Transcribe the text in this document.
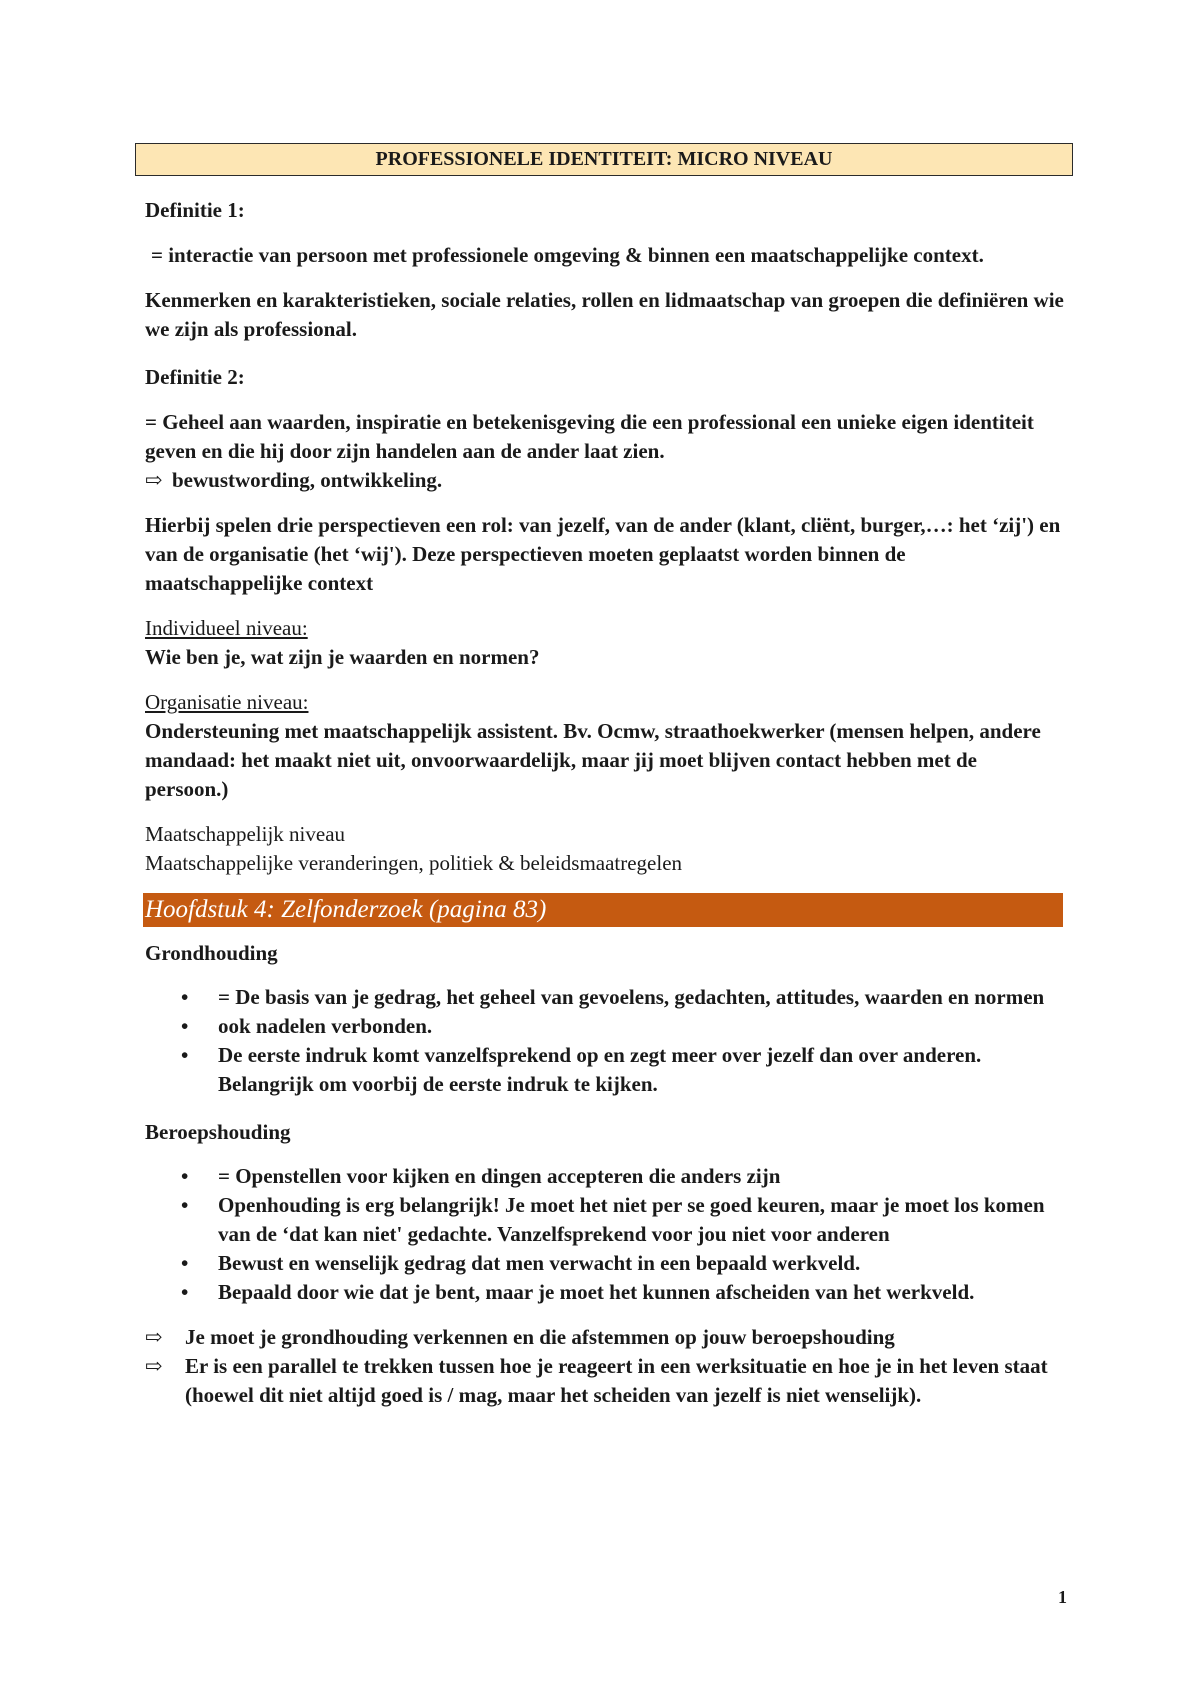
PROFESSIONELE IDENTITEIT: MICRO NIVEAU

Definitie 1:

= interactie van persoon met professionele omgeving & binnen een maatschappelijke context.

Kenmerken en karakteristieken, sociale relaties, rollen en lidmaatschap van groepen die definiëren wie we zijn als professional.

Definitie 2:

= Geheel aan waarden, inspiratie en betekenisgeving die een professional een unieke eigen identiteit geven en die hij door zijn handelen aan de ander laat zien.

⇨ bewustwording, ontwikkeling.

Hierbij spelen drie perspectieven een rol: van jezelf, van de ander (klant, cliënt, burger,…: het ‘zij') en van de organisatie (het ‘wij'). Deze perspectieven moeten geplaatst worden binnen de maatschappelijke context

Individueel niveau:
Wie ben je, wat zijn je waarden en normen?
Organisatie niveau:
Ondersteuning met maatschappelijk assistent. Bv. Ocmw, straathoekwerker (mensen helpen, andere mandaad: het maakt niet uit, onvoorwaardelijk, maar jij moet blijven contact hebben met de persoon.)
Maatschappelijk niveau
Maatschappelijke veranderingen, politiek & beleidsmaatregelen
Hoofdstuk 4: Zelfonderzoek (pagina 83)

Grondhouding

•	= De basis van je gedrag, het geheel van gevoelens, gedachten, attitudes, waarden en normen
•	ook nadelen verbonden.
•	De eerste indruk komt vanzelfsprekend op en zegt meer over jezelf dan over anderen. Belangrijk om voorbij de eerste indruk te kijken.

Beroepshouding

•	= Openstellen voor kijken en dingen accepteren die anders zijn
•	Openhouding is erg belangrijk! Je moet het niet per se goed keuren, maar je moet los komen van de ‘dat kan niet' gedachte. Vanzelfsprekend voor jou niet voor anderen
•	Bewust en wenselijk gedrag dat men verwacht in een bepaald werkveld.
•	Bepaald door wie dat je bent, maar je moet het kunnen afscheiden van het werkveld.
⇨	Je moet je grondhouding verkennen en die afstemmen op jouw beroepshouding
⇨	Er is een parallel te trekken tussen hoe je reageert in een werksituatie en hoe je in het leven staat (hoewel dit niet altijd goed is / mag, maar het scheiden van jezelf is niet wenselijk).
1
